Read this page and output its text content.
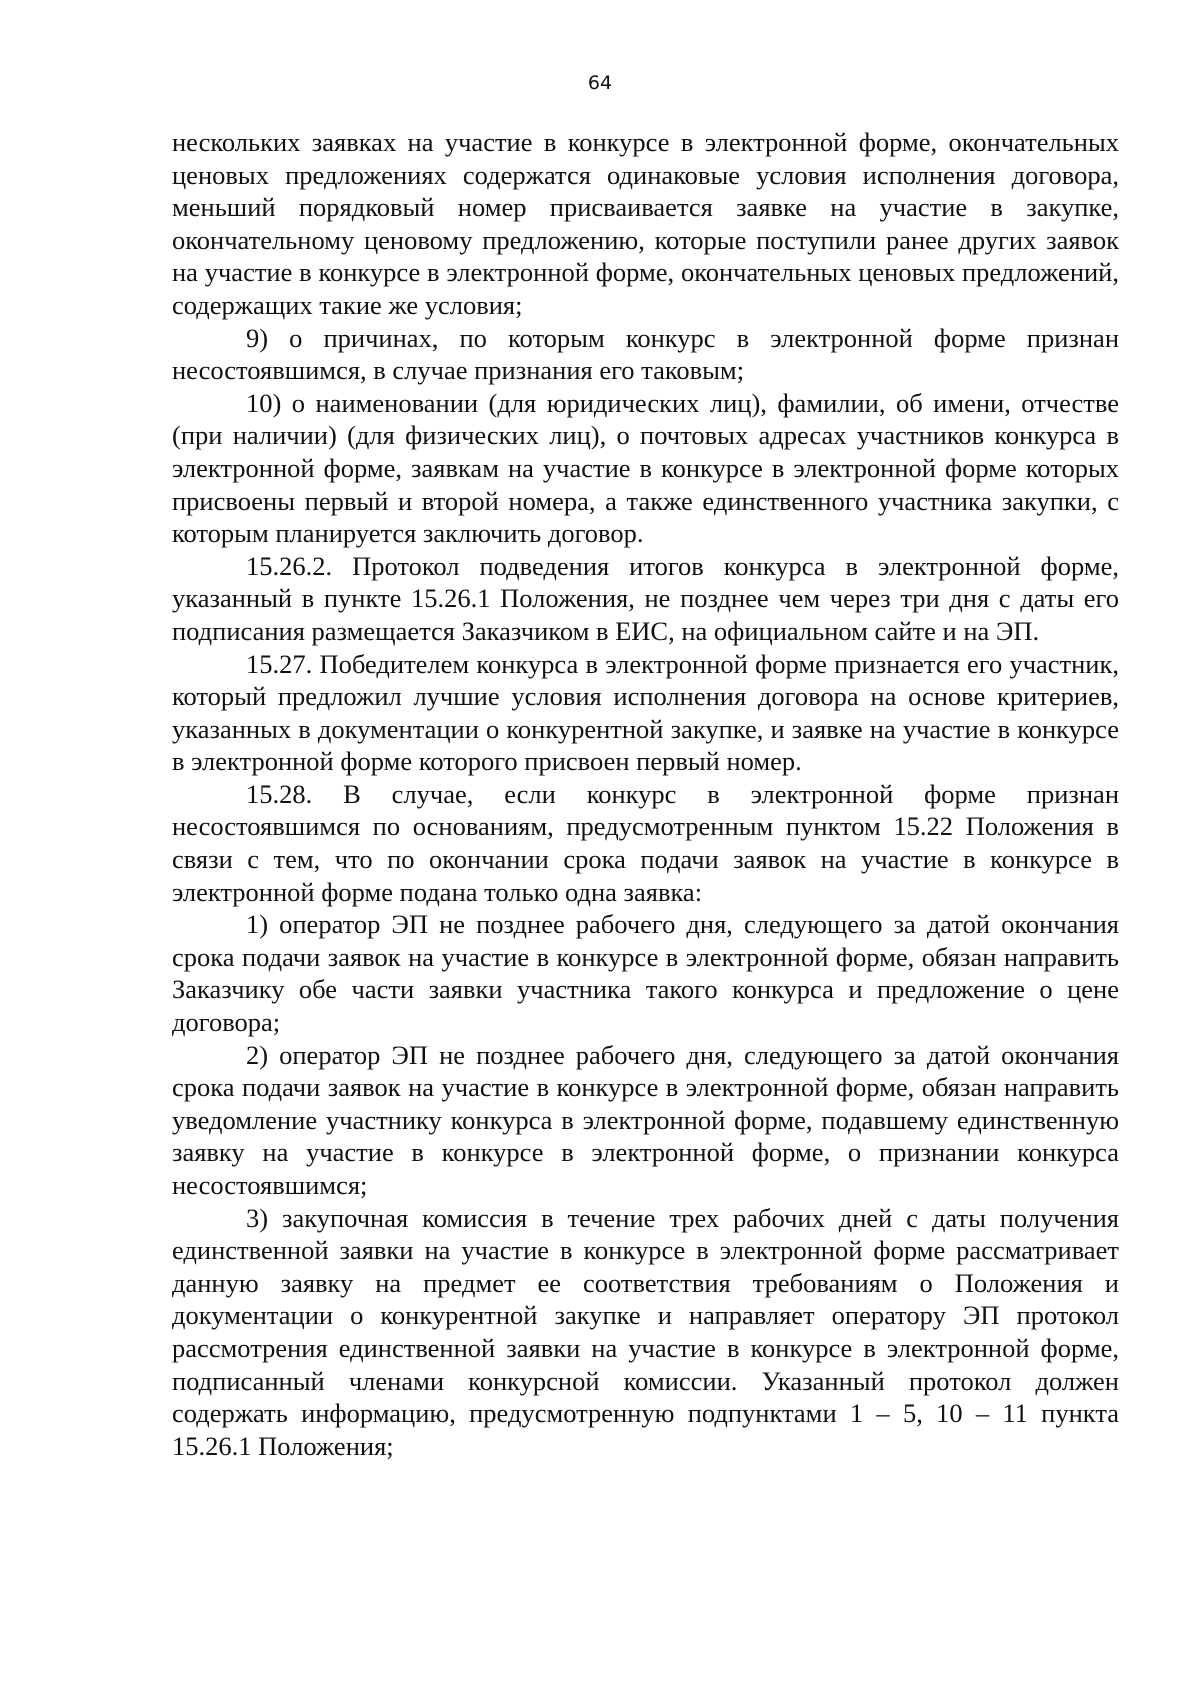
64

нескольких заявках на участие в конкурсе в электронной форме, окончательных ценовых предложениях содержатся одинаковые условия исполнения договора, меньший порядковый номер присваивается заявке на участие в закупке, окончательному ценовому предложению, которые поступили ранее других заявок на участие в конкурсе в электронной форме, окончательных ценовых предложений, содержащих такие же условия;

9) о причинах, по которым конкурс в электронной форме признан несостоявшимся, в случае признания его таковым;

10) о наименовании (для юридических лиц), фамилии, об имени, отчестве (при наличии) (для физических лиц), о почтовых адресах участников конкурса в электронной форме, заявкам на участие в конкурсе в электронной форме которых присвоены первый и второй номера, а также единственного участника закупки, с которым планируется заключить договор.

15.26.2. Протокол подведения итогов конкурса в электронной форме, указанный в пункте 15.26.1 Положения, не позднее чем через три дня с даты его подписания размещается Заказчиком в ЕИС, на официальном сайте и на ЭП.

15.27. Победителем конкурса в электронной форме признается его участник, который предложил лучшие условия исполнения договора на основе критериев, указанных в документации о конкурентной закупке, и заявке на участие в конкурсе в электронной форме которого присвоен первый номер.

15.28. В случае, если конкурс в электронной форме признан несостоявшимся по основаниям, предусмотренным пунктом 15.22 Положения в связи с тем, что по окончании срока подачи заявок на участие в конкурсе в электронной форме подана только одна заявка:

1) оператор ЭП не позднее рабочего дня, следующего за датой окончания срока подачи заявок на участие в конкурсе в электронной форме, обязан направить Заказчику обе части заявки участника такого конкурса и предложение о цене договора;

2) оператор ЭП не позднее рабочего дня, следующего за датой окончания срока подачи заявок на участие в конкурсе в электронной форме, обязан направить уведомление участнику конкурса в электронной форме, подавшему единственную заявку на участие в конкурсе в электронной форме, о признании конкурса несостоявшимся;

3) закупочная комиссия в течение трех рабочих дней с даты получения единственной заявки на участие в конкурсе в электронной форме рассматривает данную заявку на предмет ее соответствия требованиям о Положения и документации о конкурентной закупке и направляет оператору ЭП протокол рассмотрения единственной заявки на участие в конкурсе в электронной форме, подписанный членами конкурсной комиссии. Указанный протокол должен содержать информацию, предусмотренную подпунктами 1 – 5, 10 – 11 пункта 15.26.1 Положения;
